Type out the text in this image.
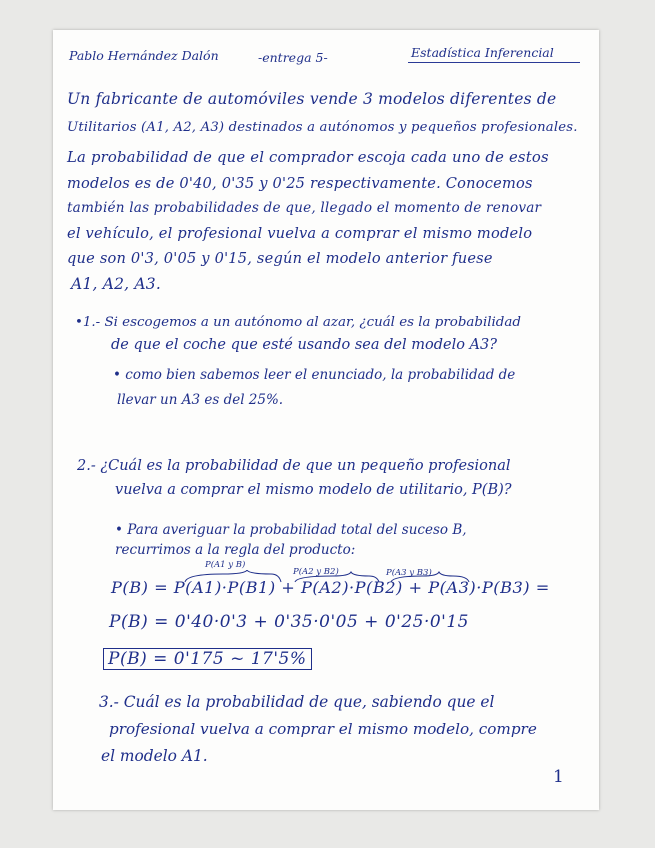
Pablo Hernández Dalón	-entrega 5-	Estadística Inferencial
Un fabricante de automóviles vende 3 modelos diferentes de
Utilitarios (A1, A2, A3) destinados a autónomos y pequeños profesionales.
La probabilidad de que el comprador escoja cada uno de estos
modelos es de 0'40, 0'35 y 0'25 respectivamente. Conocemos
también las probabilidades de que, llegado el momento de renovar
el vehículo, el profesional vuelva a comprar el mismo modelo
que son 0'3, 0'05 y 0'15, según el modelo anterior fuese
A1, A2, A3.
•1.- Si escogemos a un autónomo al azar, ¿cuál es la probabilidad
de que el coche que esté usando sea del modelo A3?
• como bien sabemos leer el enunciado, la probabilidad de
llevar un A3 es del 25%.
2.- ¿Cuál es la probabilidad de que un pequeño profesional
vuelva a comprar el mismo modelo de utilitario, P(B)?
• Para averiguar la probabilidad total del suceso B,
recurrimos a la regla del producto:
P(A1 y B)
P(A2 y B2)	P(A3 y B3)
P(B) = P(A1)·P(B1) + P(A2)·P(B2) + P(A3)·P(B3) =
P(B) = 0'40·0'3 + 0'35·0'05 + 0'25·0'15
P(B) = 0'175 ~ 17'5%
3.- Cuál es la probabilidad de que, sabiendo que el
profesional vuelva a comprar el mismo modelo, compre
el modelo A1.
1
